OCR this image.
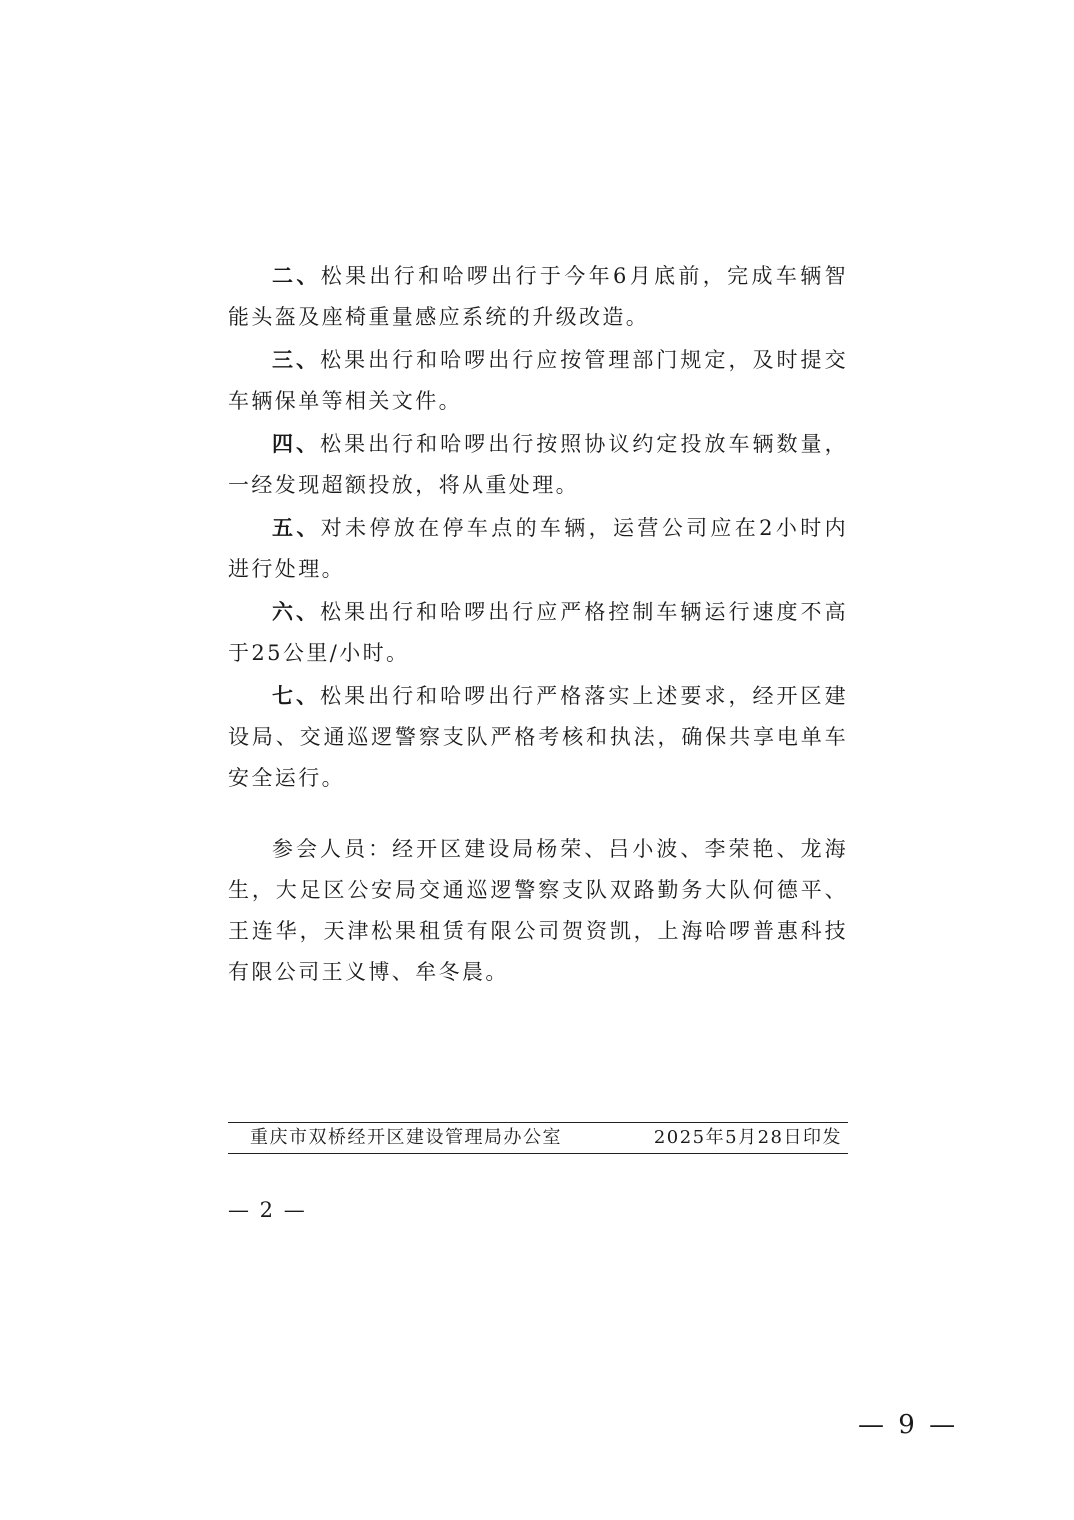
二、松果出行和哈啰出行于今年6月底前，完成车辆智能头盔及座椅重量感应系统的升级改造。

三、松果出行和哈啰出行应按管理部门规定，及时提交车辆保单等相关文件。

四、松果出行和哈啰出行按照协议约定投放车辆数量，一经发现超额投放，将从重处理。

五、对未停放在停车点的车辆，运营公司应在2小时内进行处理。

六、松果出行和哈啰出行应严格控制车辆运行速度不高于25公里/小时。

七、松果出行和哈啰出行严格落实上述要求，经开区建设局、交通巡逻警察支队严格考核和执法，确保共享电单车安全运行。

参会人员：经开区建设局杨荣、吕小波、李荣艳、龙海生，大足区公安局交通巡逻警察支队双路勤务大队何德平、王连华，天津松果租赁有限公司贺资凯，上海哈啰普惠科技有限公司王义博、牟冬晨。

重庆市双桥经开区建设管理局办公室	2025年5月28日印发
— 2 —
— 9 —
